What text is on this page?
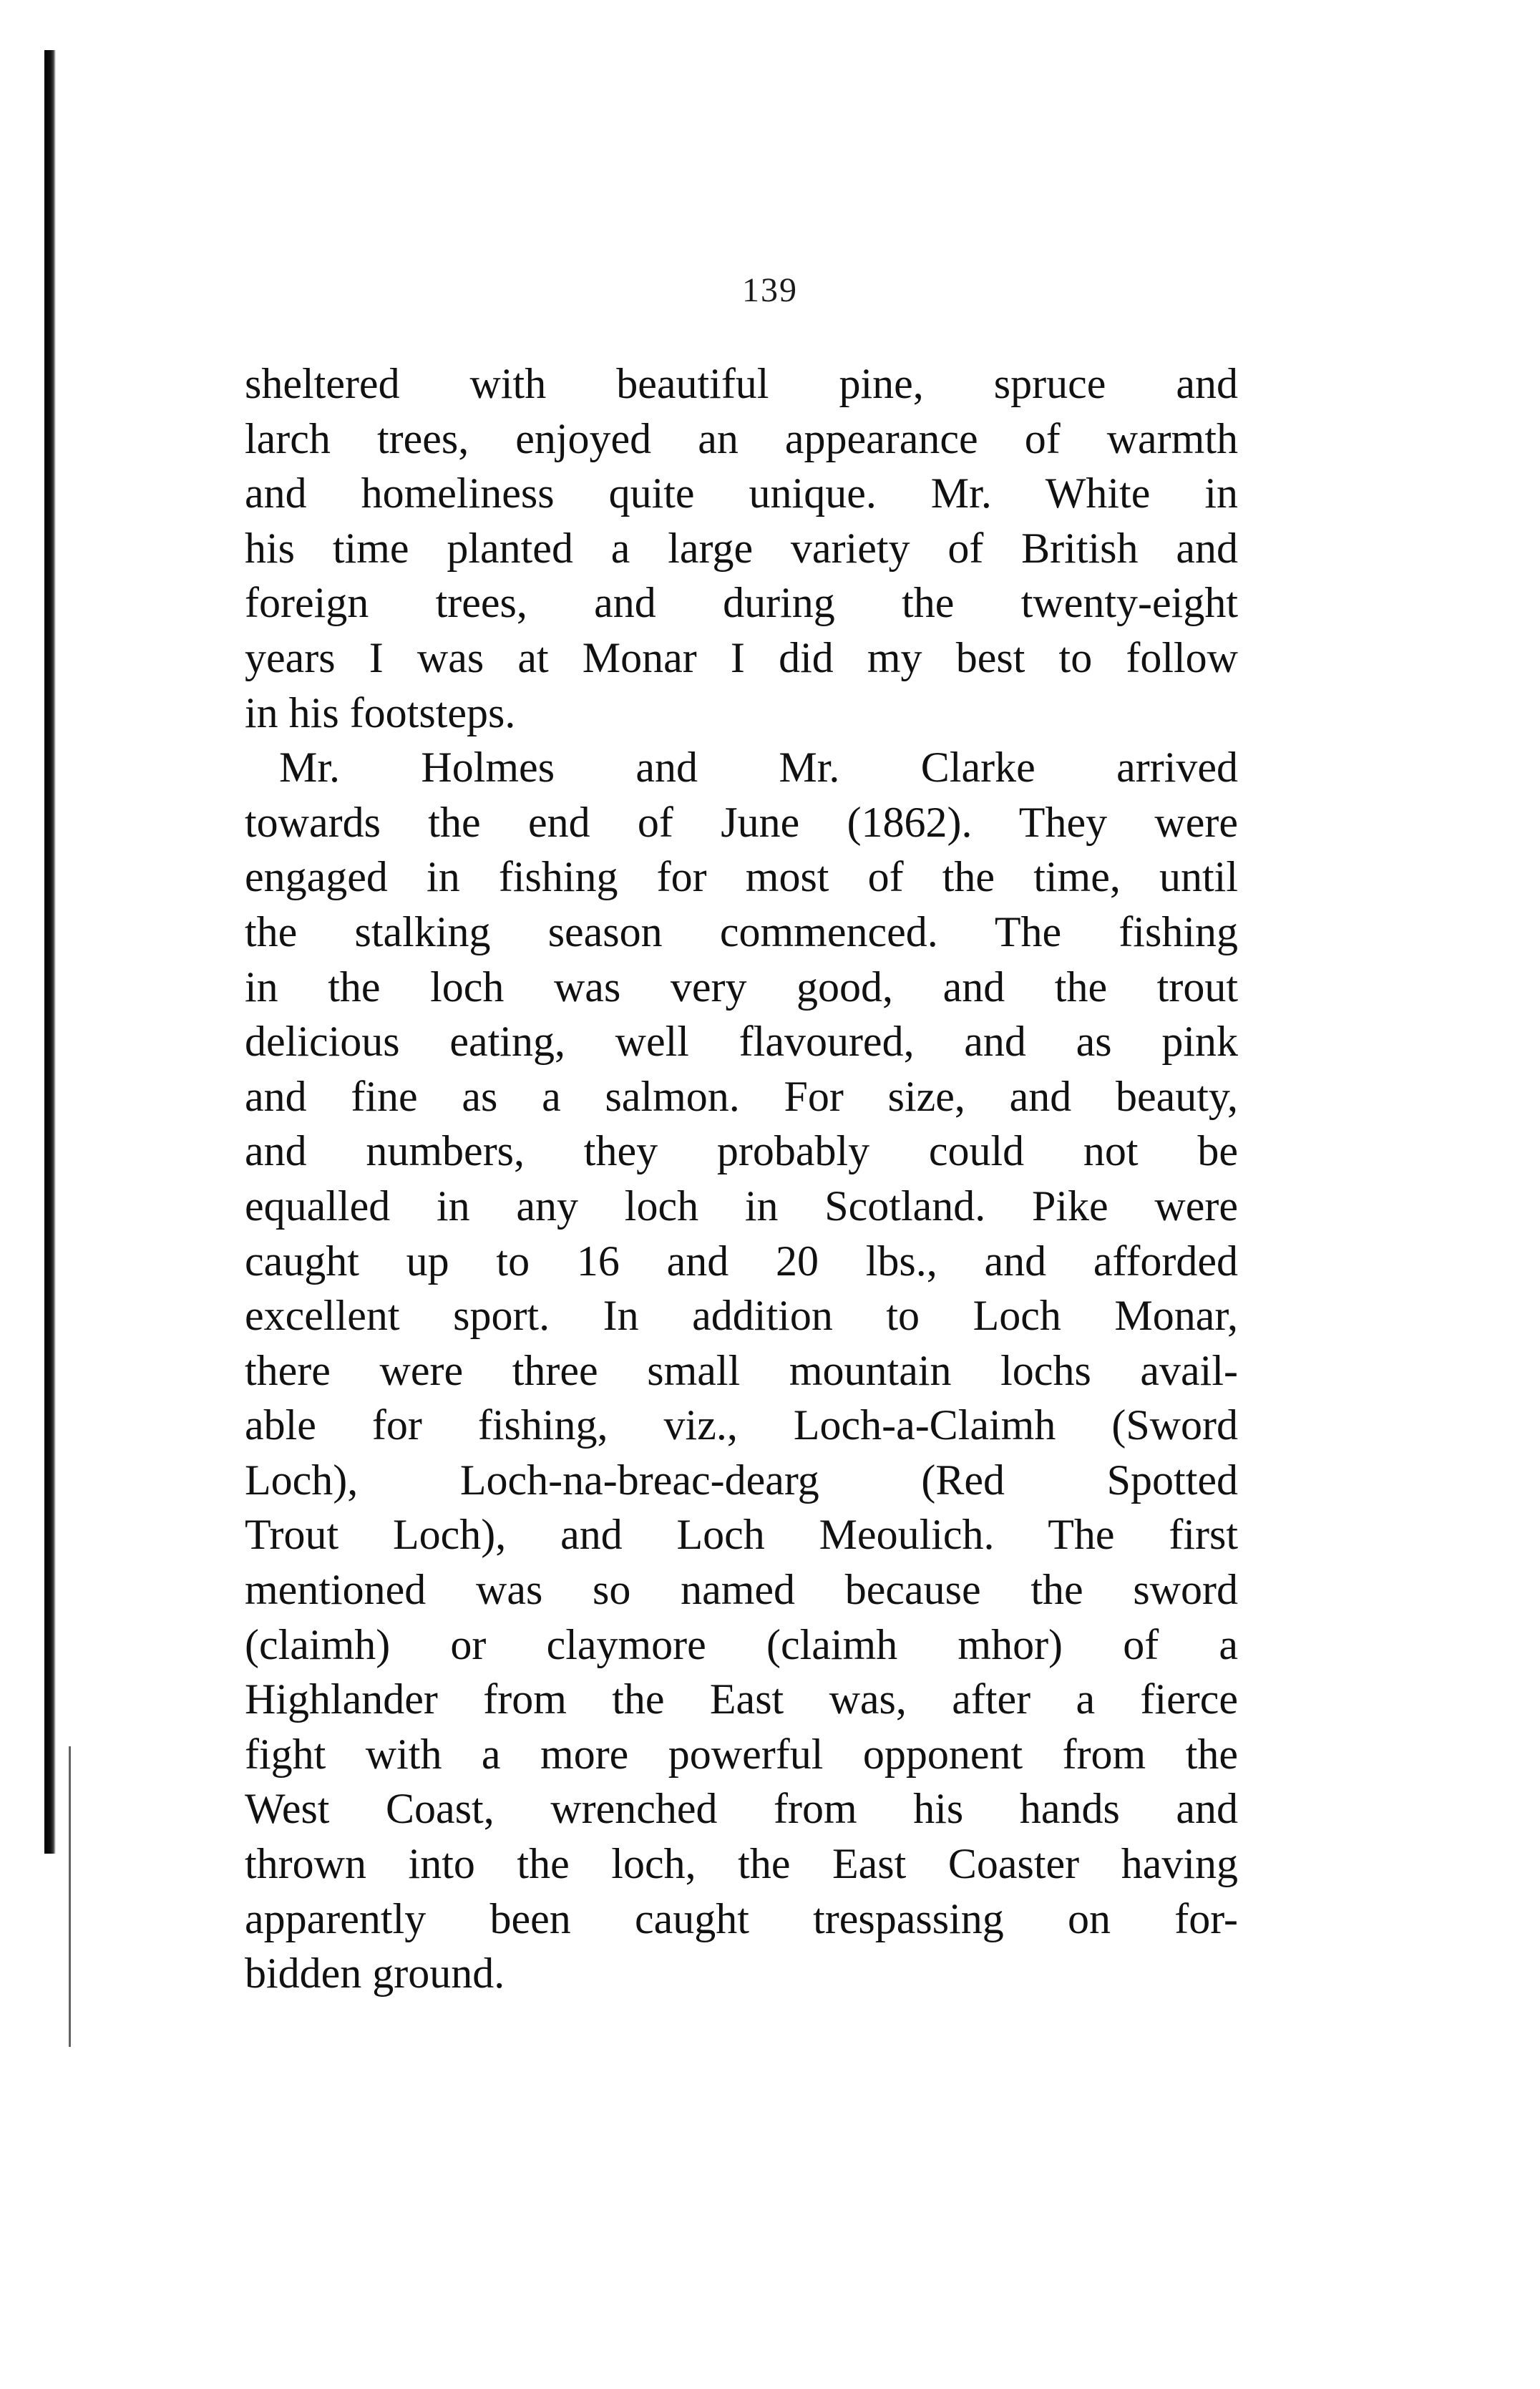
139
sheltered with beautiful pine, spruce and
larch trees, enjoyed an appearance of warmth
and homeliness quite unique. Mr. White in
his time planted a large variety of British and
foreign trees, and during the twenty-eight
years I was at Monar I did my best to follow
in his footsteps.
Mr. Holmes and Mr. Clarke arrived
towards the end of June (1862). They were
engaged in fishing for most of the time, until
the stalking season commenced. The fishing
in the loch was very good, and the trout
delicious eating, well flavoured, and as pink
and fine as a salmon. For size, and beauty,
and numbers, they probably could not be
equalled in any loch in Scotland. Pike were
caught up to 16 and 20 lbs., and afforded
excellent sport. In addition to Loch Monar,
there were three small mountain lochs avail-
able for fishing, viz., Loch-a-Claimh (Sword
Loch), Loch-na-breac-dearg (Red Spotted
Trout Loch), and Loch Meoulich. The first
mentioned was so named because the sword
(claimh) or claymore (claimh mhor) of a
Highlander from the East was, after a fierce
fight with a more powerful opponent from the
West Coast, wrenched from his hands and
thrown into the loch, the East Coaster having
apparently been caught trespassing on for-
bidden ground.
